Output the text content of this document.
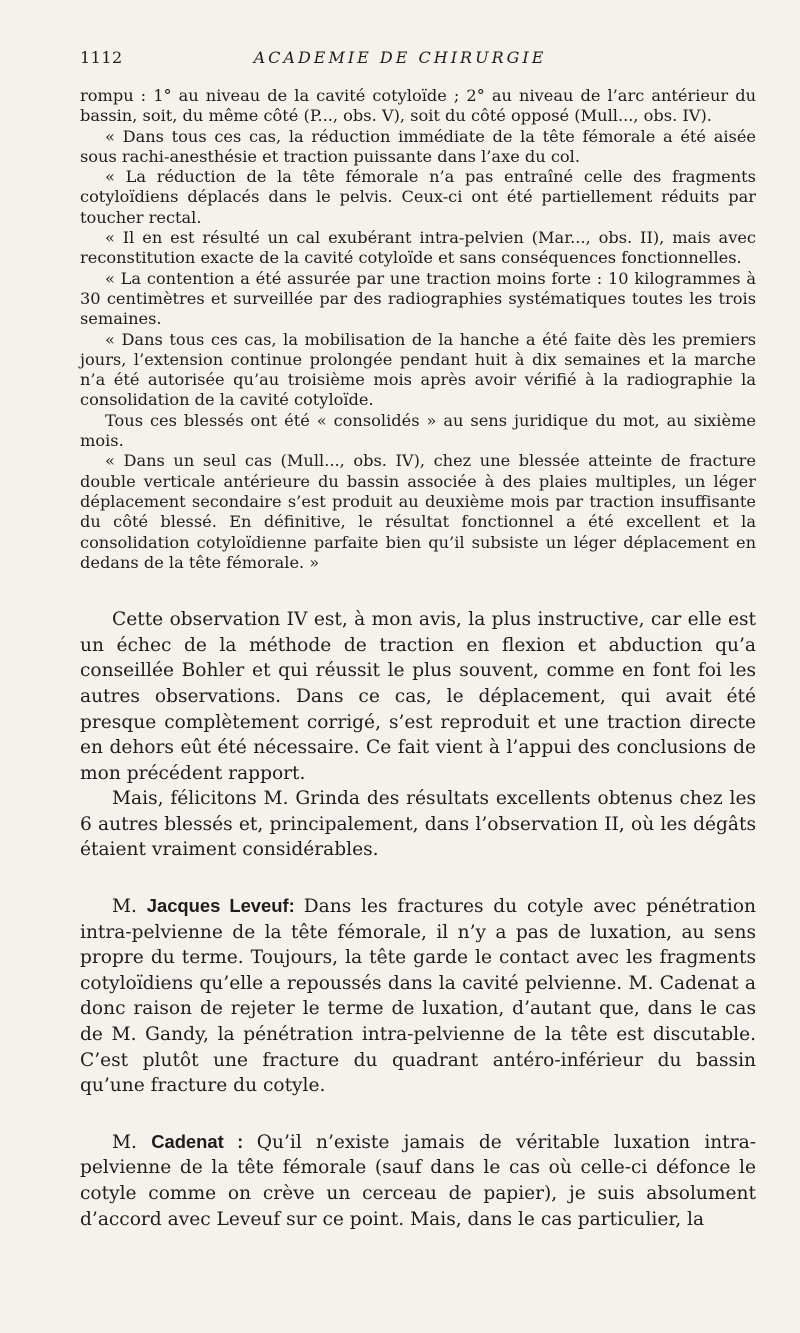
1112	ACADEMIE DE CHIRURGIE

rompu : 1° au niveau de la cavité cotyloïde ; 2° au niveau de l’arc antérieur du bassin, soit, du même côté (P..., obs. V), soit du côté opposé (Mull..., obs. IV).

« Dans tous ces cas, la réduction immédiate de la tête fémorale a été aisée sous rachi-anesthésie et traction puissante dans l’axe du col.

« La réduction de la tête fémorale n’a pas entraîné celle des fragments cotyloïdiens déplacés dans le pelvis. Ceux-ci ont été partiellement réduits par toucher rectal.

« Il en est résulté un cal exubérant intra-pelvien (Mar..., obs. II), mais avec reconstitution exacte de la cavité cotyloïde et sans conséquences fonctionnelles.

« La contention a été assurée par une traction moins forte : 10 kilogrammes à 30 centimètres et surveillée par des radiographies systématiques toutes les trois semaines.

« Dans tous ces cas, la mobilisation de la hanche a été faite dès les premiers jours, l’extension continue prolongée pendant huit à dix semaines et la marche n’a été autorisée qu’au troisième mois après avoir vérifié à la radiographie la consolidation de la cavité cotyloïde.

Tous ces blessés ont été « consolidés » au sens juridique du mot, au sixième mois.

« Dans un seul cas (Mull..., obs. IV), chez une blessée atteinte de fracture double verticale antérieure du bassin associée à des plaies multiples, un léger déplacement secondaire s’est produit au deuxième mois par traction insuffisante du côté blessé. En définitive, le résultat fonctionnel a été excellent et la consolidation cotyloïdienne parfaite bien qu’il subsiste un léger déplacement en dedans de la tête fémorale. »

Cette observation IV est, à mon avis, la plus instructive, car elle est un échec de la méthode de traction en flexion et abduction qu’a conseillée Bohler et qui réussit le plus souvent, comme en font foi les autres observations. Dans ce cas, le déplacement, qui avait été presque complètement corrigé, s’est reproduit et une traction directe en dehors eût été nécessaire. Ce fait vient à l’appui des conclusions de mon précédent rapport.

Mais, félicitons M. Grinda des résultats excellents obtenus chez les 6 autres blessés et, principalement, dans l’observation II, où les dégâts étaient vraiment considérables.

M. Jacques Leveuf: Dans les fractures du cotyle avec pénétration intra-pelvienne de la tête fémorale, il n’y a pas de luxation, au sens propre du terme. Toujours, la tête garde le contact avec les fragments cotyloïdiens qu’elle a repoussés dans la cavité pelvienne. M. Cadenat a donc raison de rejeter le terme de luxation, d’autant que, dans le cas de M. Gandy, la pénétration intra-pelvienne de la tête est discutable. C’est plutôt une fracture du quadrant antéro-inférieur du bassin qu’une fracture du cotyle.

M. Cadenat : Qu’il n’existe jamais de véritable luxation intra-pelvienne de la tête fémorale (sauf dans le cas où celle-ci défonce le cotyle comme on crève un cerceau de papier), je suis absolument d’accord avec Leveuf sur ce point. Mais, dans le cas particulier, la
